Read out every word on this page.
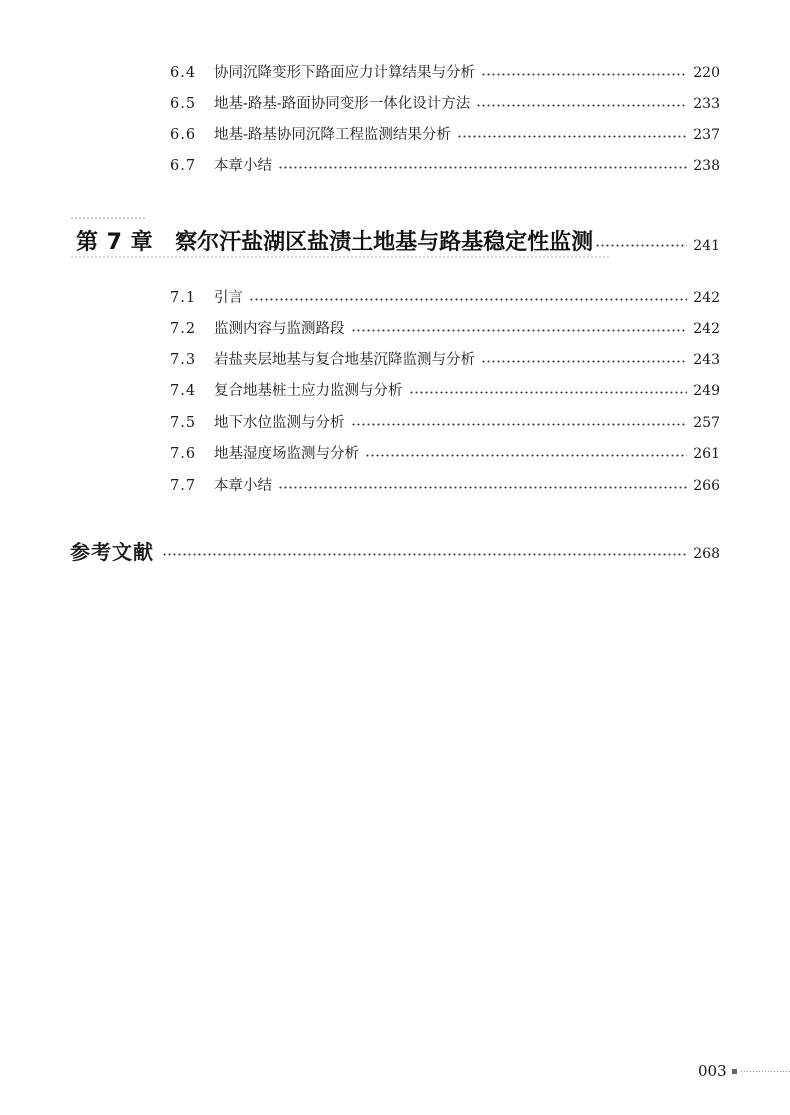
6.4	协同沉降变形下路面应力计算结果与分析	220
6.5	地基-路基-路面协同变形一体化设计方法	233
6.6	地基-路基协同沉降工程监测结果分析	237
6.7	本章小结	238
第 7 章 察尔汗盐湖区盐渍土地基与路基稳定性监测	241
7.1	引言	242
7.2	监测内容与监测路段	242
7.3	岩盐夹层地基与复合地基沉降监测与分析	243
7.4	复合地基桩土应力监测与分析	249
7.5	地下水位监测与分析	257
7.6	地基湿度场监测与分析	261
7.7	本章小结	266
参考文献	268
003
